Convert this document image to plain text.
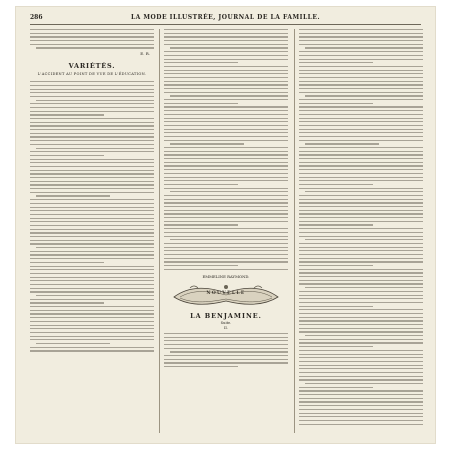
286	LA MODE ILLUSTRÉE, JOURNAL DE LA FAMILLE.
E. R.
VARIÉTÉS.
L'ACCIDENT AU POINT DE VUE DE L'ÉDUCATION.
EMMELINE RAYMOND.
NOUVELLE
LA BENJAMINE.
Suite.
II.
